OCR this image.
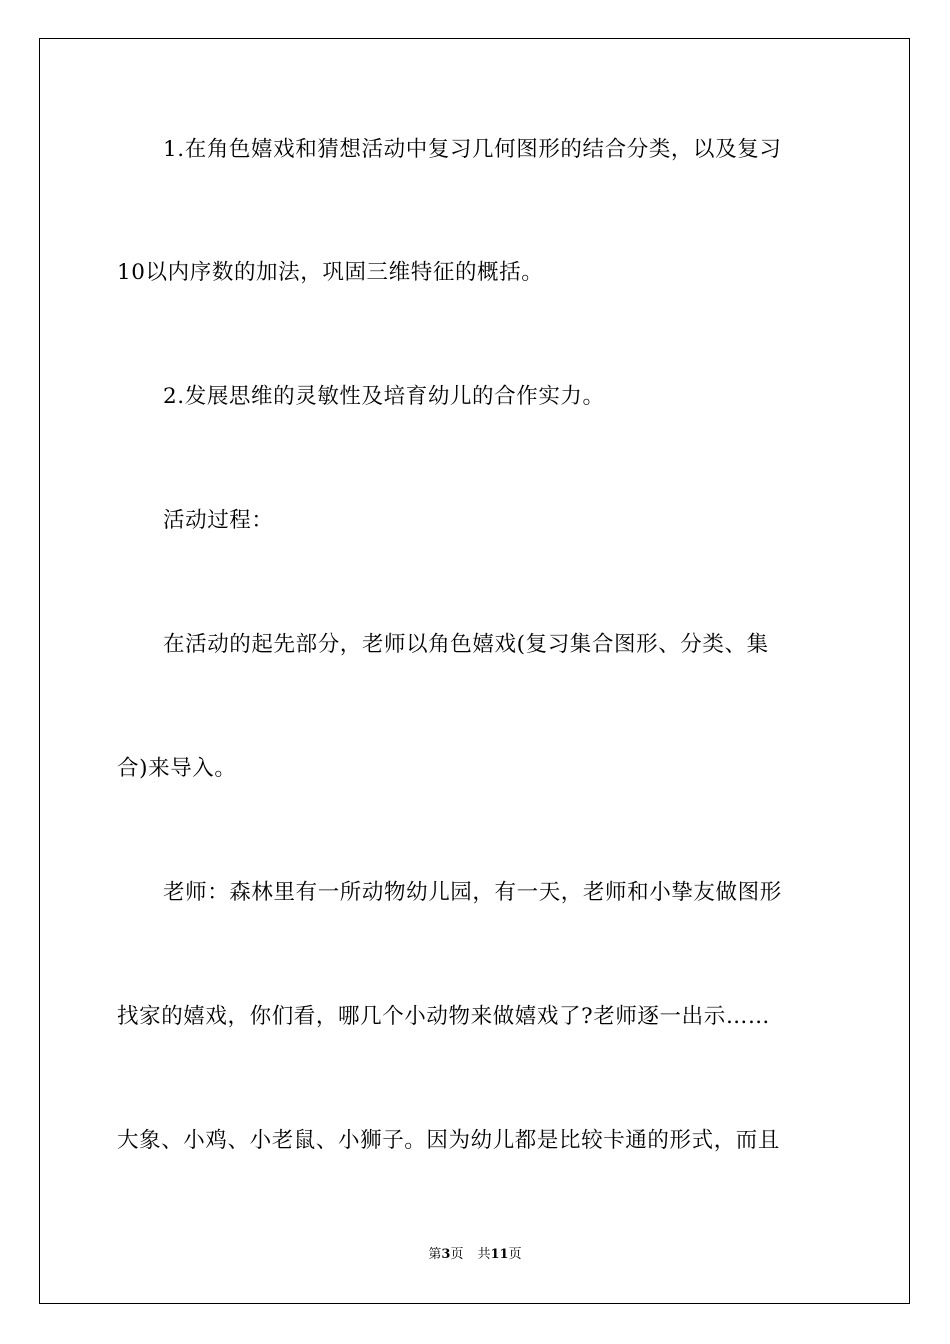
1.在角色嬉戏和猜想活动中复习几何图形的结合分类，以及复习
10以内序数的加法，巩固三维特征的概括。
2.发展思维的灵敏性及培育幼儿的合作实力。
活动过程：
在活动的起先部分，老师以角色嬉戏(复习集合图形、分类、集
合)来导入。
老师：森林里有一所动物幼儿园，有一天，老师和小挚友做图形
找家的嬉戏，你们看，哪几个小动物来做嬉戏了?老师逐一出示……
大象、小鸡、小老鼠、小狮子。因为幼儿都是比较卡通的形式，而且
第3页 共11页
